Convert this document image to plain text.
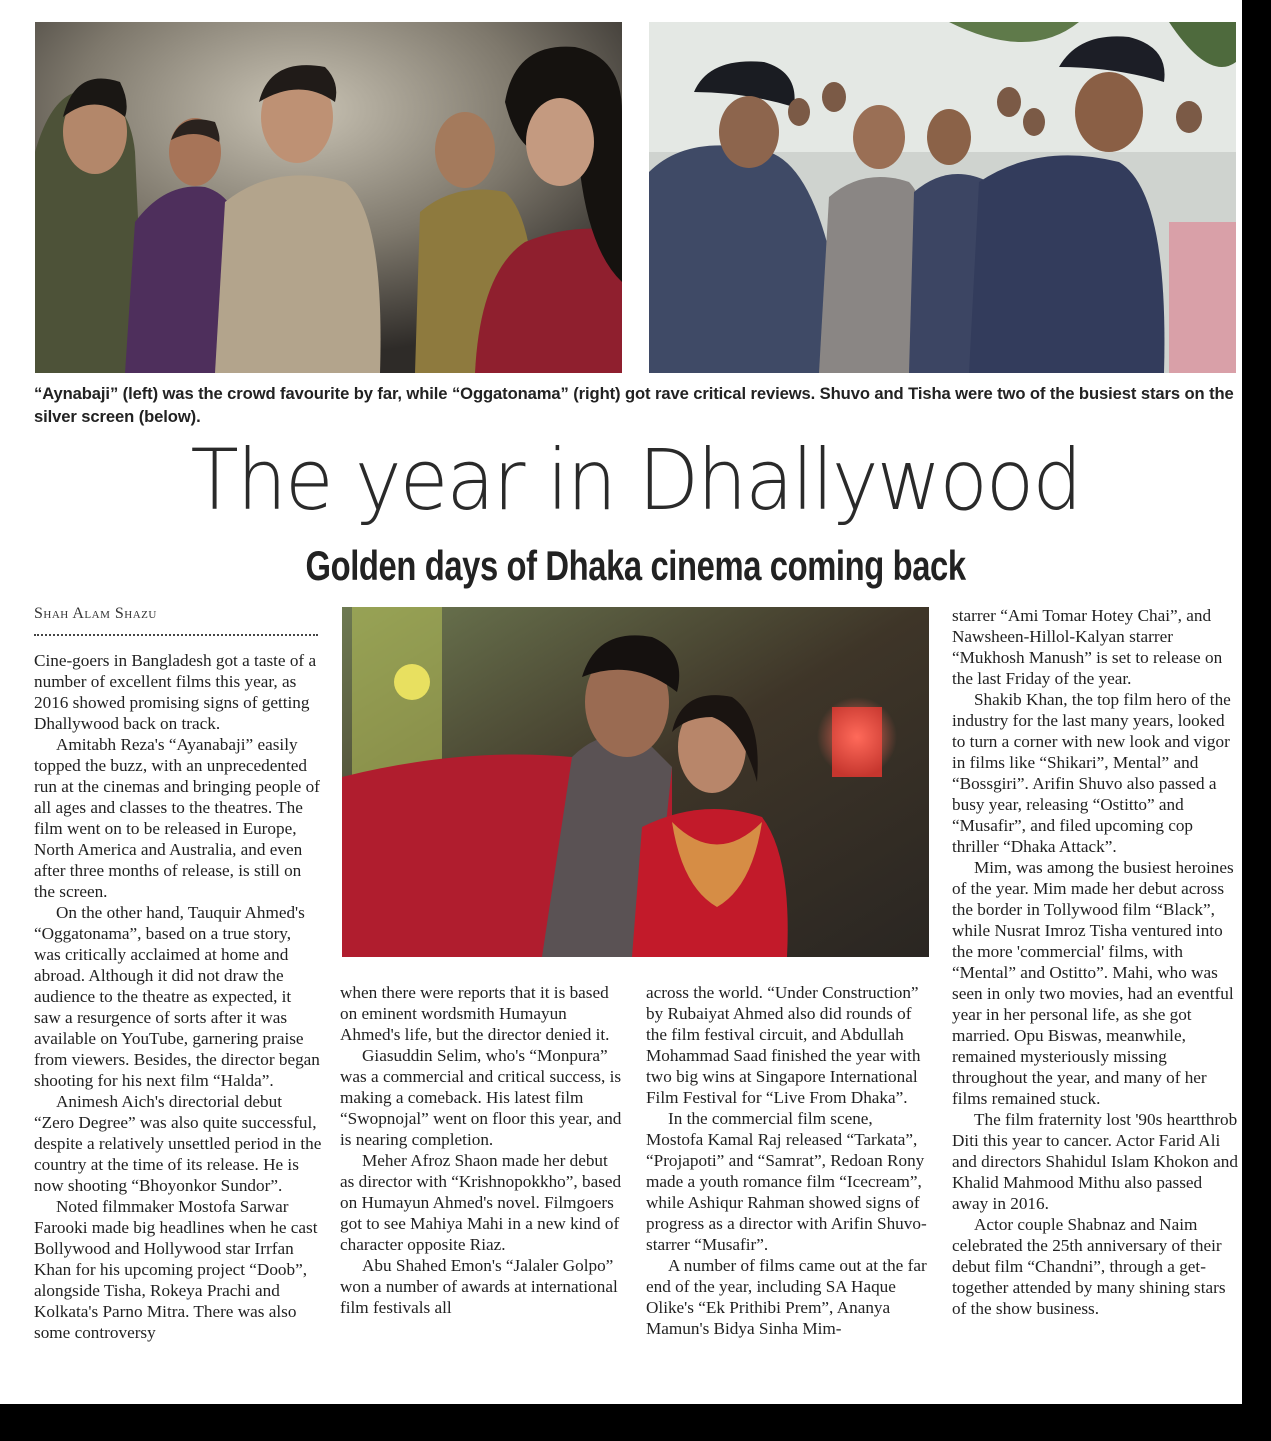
“Aynabaji” (left) was the crowd favourite by far, while “Oggatonama” (right) got rave critical reviews. Shuvo and Tisha were two of the busiest stars on the silver screen (below).
The year in Dhallywood
Golden days of Dhaka cinema coming back
Shah Alam Shazu

Cine-goers in Bangladesh got a taste of a number of excellent films this year, as 2016 showed promising signs of getting Dhallywood back on track.

Amitabh Reza's “Ayanabaji” easily topped the buzz, with an unprecedented run at the cinemas and bringing people of all ages and classes to the theatres. The film went on to be released in Europe, North America and Australia, and even after three months of release, is still on the screen.

On the other hand, Tauquir Ahmed's “Oggatonama”, based on a true story, was critically acclaimed at home and abroad. Although it did not draw the audience to the theatre as expected, it saw a resurgence of sorts after it was available on YouTube, garnering praise from viewers. Besides, the director began shooting for his next film “Halda”.

Animesh Aich's directorial debut “Zero Degree” was also quite successful, despite a relatively unsettled period in the country at the time of its release. He is now shooting “Bhoyonkor Sundor”.

Noted filmmaker Mostofa Sarwar Farooki made big headlines when he cast Bollywood and Hollywood star Irrfan Khan for his upcoming project “Doob”, alongside Tisha, Rokeya Prachi and Kolkata's Parno Mitra. There was also some controversy

when there were reports that it is based on eminent wordsmith Humayun Ahmed's life, but the director denied it.

Giasuddin Selim, who's “Monpura” was a commercial and critical success, is making a comeback. His latest film “Swopnojal” went on floor this year, and is nearing completion.

Meher Afroz Shaon made her debut as director with “Krishnopokkho”, based on Humayun Ahmed's novel. Filmgoers got to see Mahiya Mahi in a new kind of character opposite Riaz.

Abu Shahed Emon's “Jalaler Golpo” won a number of awards at international film festivals all

across the world. “Under Construction” by Rubaiyat Ahmed also did rounds of the film festival circuit, and Abdullah Mohammad Saad finished the year with two big wins at Singapore International Film Festival for “Live From Dhaka”.

In the commercial film scene, Mostofa Kamal Raj released “Tarkata”, “Projapoti” and “Samrat”, Redoan Rony made a youth romance film “Icecream”, while Ashiqur Rahman showed signs of progress as a director with Arifin Shuvo-starrer “Musafir”.

A number of films came out at the far end of the year, including SA Haque Olike's “Ek Prithibi Prem”, Ananya Mamun's Bidya Sinha Mim-

starrer “Ami Tomar Hotey Chai”, and Nawsheen-Hillol-Kalyan starrer “Mukhosh Manush” is set to release on the last Friday of the year.

Shakib Khan, the top film hero of the industry for the last many years, looked to turn a corner with new look and vigor in films like “Shikari”, Mental” and “Bossgiri”. Arifin Shuvo also passed a busy year, releasing “Ostitto” and “Musafir”, and filed upcoming cop thriller “Dhaka Attack”.

Mim, was among the busiest heroines of the year. Mim made her debut across the border in Tollywood film “Black”, while Nusrat Imroz Tisha ventured into the more 'commercial' films, with “Mental” and Ostitto”. Mahi, who was seen in only two movies, had an eventful year in her personal life, as she got married. Opu Biswas, meanwhile, remained mysteriously missing throughout the year, and many of her films remained stuck.

The film fraternity lost '90s heartthrob Diti this year to cancer. Actor Farid Ali and directors Shahidul Islam Khokon and Khalid Mahmood Mithu also passed away in 2016.

Actor couple Shabnaz and Naim celebrated the 25th anniversary of their debut film “Chandni”, through a get-together attended by many shining stars of the show business.
